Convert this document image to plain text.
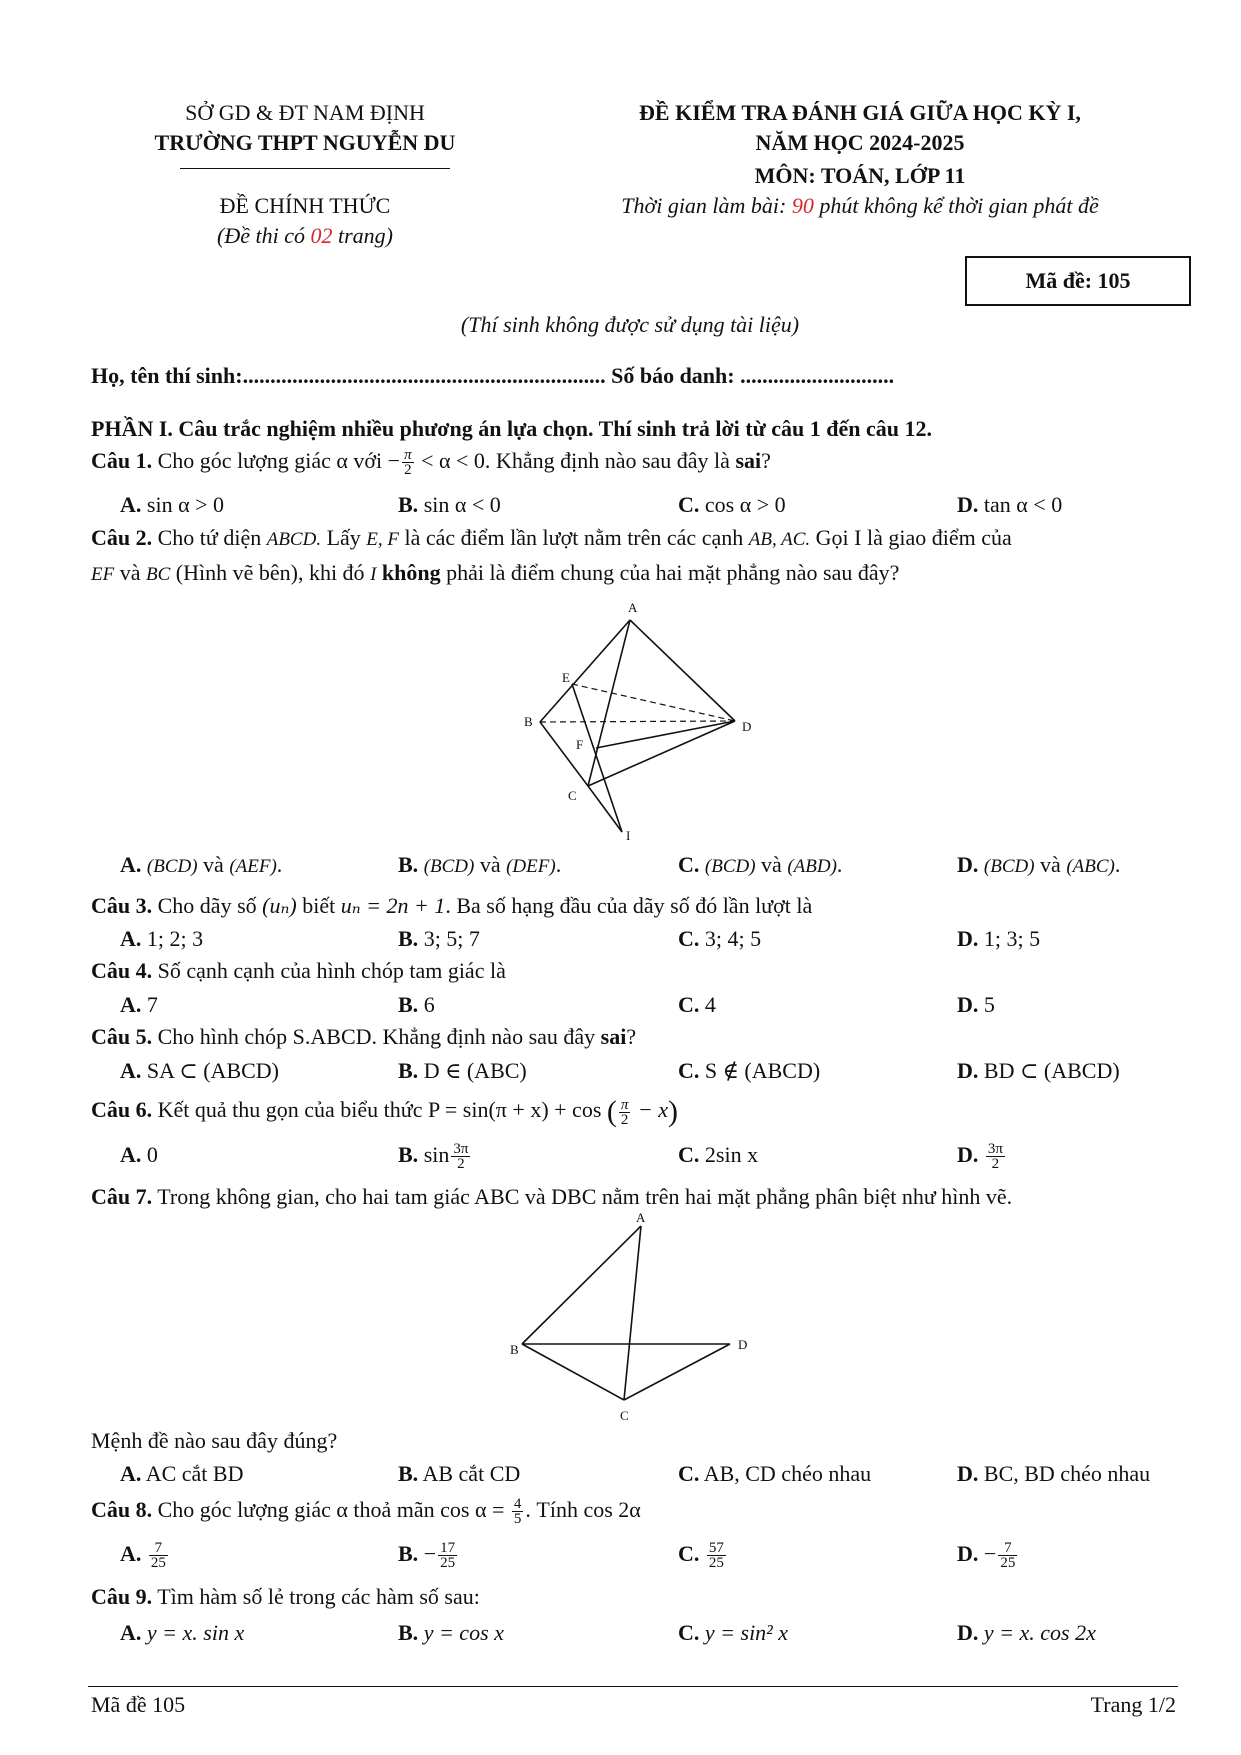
SỞ GD & ĐT NAM ĐỊNH
TRƯỜNG THPT NGUYỄN DU
ĐỀ CHÍNH THỨC
(Đề thi có 02 trang)
ĐỀ KIỂM TRA ĐÁNH GIÁ GIỮA HỌC KỲ I,
NĂM HỌC 2024-2025
MÔN: TOÁN, LỚP 11
Thời gian làm bài: 90 phút không kể thời gian phát đề
Mã đề: 105
(Thí sinh không được sử dụng tài liệu)
Họ, tên thí sinh:.................................................................. Số báo danh: ............................
PHẦN I. Câu trắc nghiệm nhiều phương án lựa chọn. Thí sinh trả lời từ câu 1 đến câu 12.
Câu 1. Cho góc lượng giác α với − $\frac{\pi}{2} < \alpha < 0$. Khẳng định nào sau đây là sai?
A. sin α > 0	B. sin α < 0	C. cos α > 0	D. tan α < 0
Câu 2. Cho tứ diện ABCD. Lấy E, F là các điểm lần lượt nằm trên các cạnh AB, AC. Gọi I là giao điểm của
EF và BC (Hình vẽ bên), khi đó I không phải là điểm chung của hai mặt phẳng nào sau đây?
A
E
B	D
F
C
I
A. (BCD) và (AEF).	B. (BCD) và (DEF).	C. (BCD) và (ABD).	D. (BCD) và (ABC).
Câu 3. Cho dãy số (uₙ) biết uₙ = 2n + 1. Ba số hạng đầu của dãy số đó lần lượt là
A. 1; 2; 3	B. 3; 5; 7	C. 3; 4; 5	D. 1; 3; 5
Câu 4. Số cạnh cạnh của hình chóp tam giác là
A. 7	B. 6	C. 4	D. 5
Câu 5. Cho hình chóp S.ABCD. Khẳng định nào sau đây sai?
A. SA ⊂ (ABCD)	B. D ∈ (ABC)	C. S ∉ (ABCD)	D. BD ⊂ (ABCD)
Câu 6. Kết quả thu gọn của biểu thức P = sin(π + x) + cos ( $\frac{\pi}{2} - x$)
A. 0	B. $\sin \frac{3\pi}{2}$	C. 2sin x	D. $\frac{3\pi}{2}$
Câu 7. Trong không gian, cho hai tam giác ABC và DBC nằm trên hai mặt phẳng phân biệt như hình vẽ.
A
B	D
C
Mệnh đề nào sau đây đúng?
A. AC cắt BD	B. AB cắt CD	C. AB, CD chéo nhau	D. BC, BD chéo nhau
Câu 8. Cho góc lượng giác α thoả mãn $\cos \alpha = \frac{4}{5}$ . Tính cos 2α
A. $\frac{7}{25}$	B. − $\frac{17}{25}$	C. $\frac{57}{25}$	D. − $\frac{7}{25}$
Câu 9. Tìm hàm số lẻ trong các hàm số sau:
A. y = x. sin x	B. y = cos x	C. y = sin² x	D. y = x. cos 2x
Mã đề 105	Trang 1/2
